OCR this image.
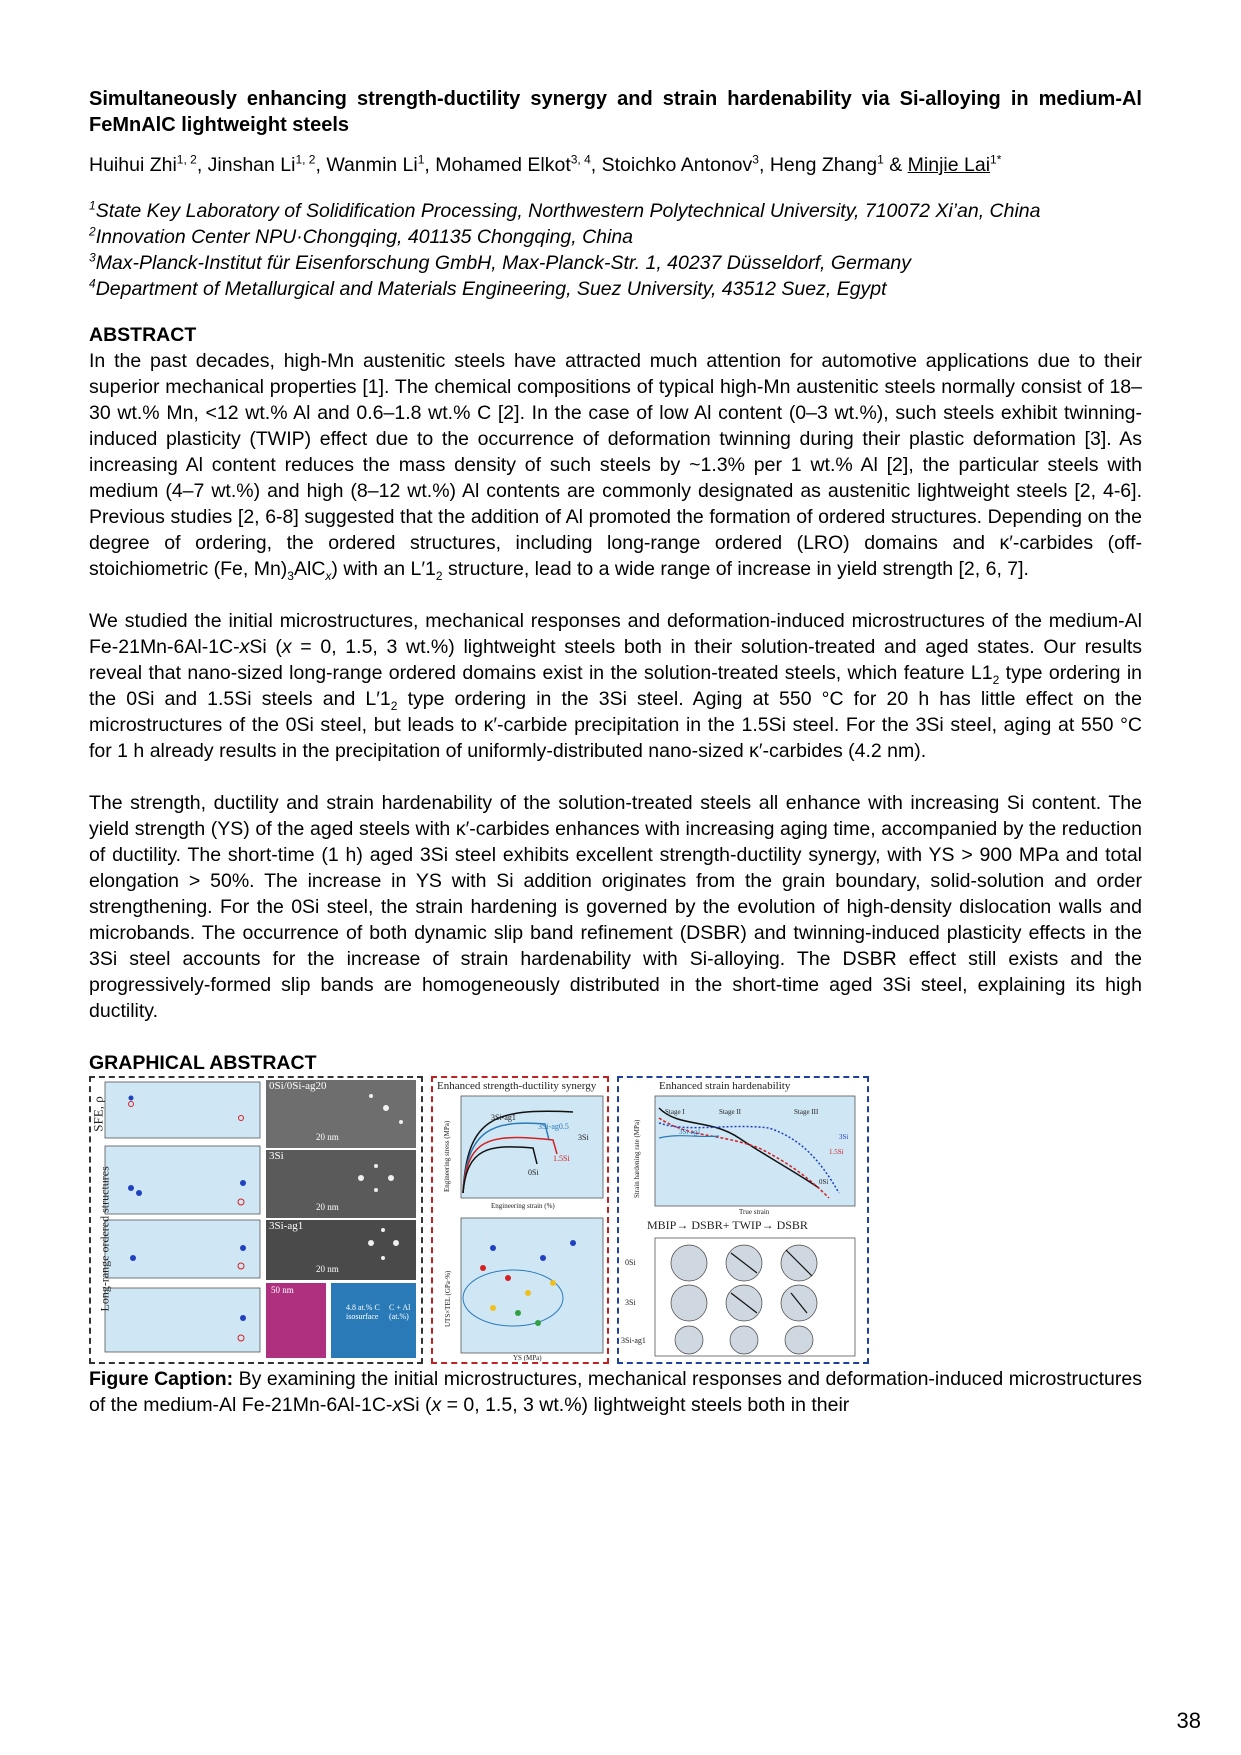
Simultaneously enhancing strength-ductility synergy and strain hardenability via Si-alloying in medium-Al FeMnAlC lightweight steels
Huihui Zhi$^{1, 2}$, Jinshan Li$^{1, 2}$, Wanmin Li$^1$, Mohamed Elkot$^{3, 4}$, Stoichko Antonov$^3$, Heng Zhang$^1$ & Minjie Lai$^{1*}$
$^1$State Key Laboratory of Solidification Processing, Northwestern Polytechnical University, 710072 Xi’an, China
$^2$Innovation Center NPU·Chongqing, 401135 Chongqing, China
$^3$Max-Planck-Institut für Eisenforschung GmbH, Max-Planck-Str. 1, 40237 Düsseldorf, Germany
$^4$Department of Metallurgical and Materials Engineering, Suez University, 43512 Suez, Egypt
ABSTRACT
In the past decades, high-Mn austenitic steels have attracted much attention for automotive applications due to their superior mechanical properties [1]. The chemical compositions of typical high-Mn austenitic steels normally consist of 18–30 wt.% Mn, <12 wt.% Al and 0.6–1.8 wt.% C [2]. In the case of low Al content (0–3 wt.%), such steels exhibit twinning-induced plasticity (TWIP) effect due to the occurrence of deformation twinning during their plastic deformation [3]. As increasing Al content reduces the mass density of such steels by ~1.3% per 1 wt.% Al [2], the particular steels with medium (4–7 wt.%) and high (8–12 wt.%) Al contents are commonly designated as austenitic lightweight steels [2, 4-6]. Previous studies [2, 6-8] suggested that the addition of Al promoted the formation of ordered structures. Depending on the degree of ordering, the ordered structures, including long-range ordered (LRO) domains and κ′-carbides (off-stoichiometric (Fe, $Mn)_3AlC_x$) with an $L'1_2$ structure, lead to a wide range of increase in yield strength [2, 6, 7].
We studied the initial microstructures, mechanical responses and deformation-induced microstructures of the medium-Al Fe-21Mn-6Al-1C-xSi (x = 0, 1.5, 3 wt.%) lightweight steels both in their solution-treated and aged states. Our results reveal that nano-sized long-range ordered domains exist in the solution-treated steels, which feature $L1_2$ type ordering in the 0Si and 1.5Si steels and $L'1_2$ type ordering in the 3Si steel. Aging at 550 °C for 20 h has little effect on the microstructures of the 0Si steel, but leads to κ′-carbide precipitation in the 1.5Si steel. For the 3Si steel, aging at 550 °C for 1 h already results in the precipitation of uniformly-distributed nano-sized κ′-carbides (4.2 nm).
The strength, ductility and strain hardenability of the solution-treated steels all enhance with increasing Si content. The yield strength (YS) of the aged steels with κ′-carbides enhances with increasing aging time, accompanied by the reduction of ductility. The short-time (1 h) aged 3Si steel exhibits excellent strength-ductility synergy, with YS > 900 MPa and total elongation > 50%. The increase in YS with Si addition originates from the grain boundary, solid-solution and order strengthening. For the 0Si steel, the strain hardening is governed by the evolution of high-density dislocation walls and microbands. The occurrence of both dynamic slip band refinement (DSBR) and twinning-induced plasticity effects in the 3Si steel accounts for the increase of strain hardenability with Si-alloying. The DSBR effect still exists and the progressively-formed slip bands are homogeneously distributed in the short-time aged 3Si steel, explaining its high ductility.
GRAPHICAL ABSTRACT
0Si/0Si-ag20
3Si
3Si-ag1
20 nm
20 nm
20 nm
50 nm
4.8 at.% C isosurface
C + Al (at.%)
Long-range ordered structures
SFE, ρ
Enhanced strength-ductility synergy
3Si-ag1
3Si-ag0.5
3Si
1.5Si
0Si
Engineering strain (%)
Engineering stress (MPa)
UTS×TEL (GPa·%)
YS (MPa)
Enhanced strain hardenability
Stage I	Stage II	Stage III
0Si
1.5Si
3Si
3Si-ag1
True strain
Strain hardening rate (MPa)
MBIP→ DSBR+ TWIP→ DSBR
0Si
3Si
3Si-ag1
Figure Caption: By examining the initial microstructures, mechanical responses and deformation-induced microstructures of the medium-Al Fe-21Mn-6Al-1C-xSi (x = 0, 1.5, 3 wt.%) lightweight steels both in their
38
